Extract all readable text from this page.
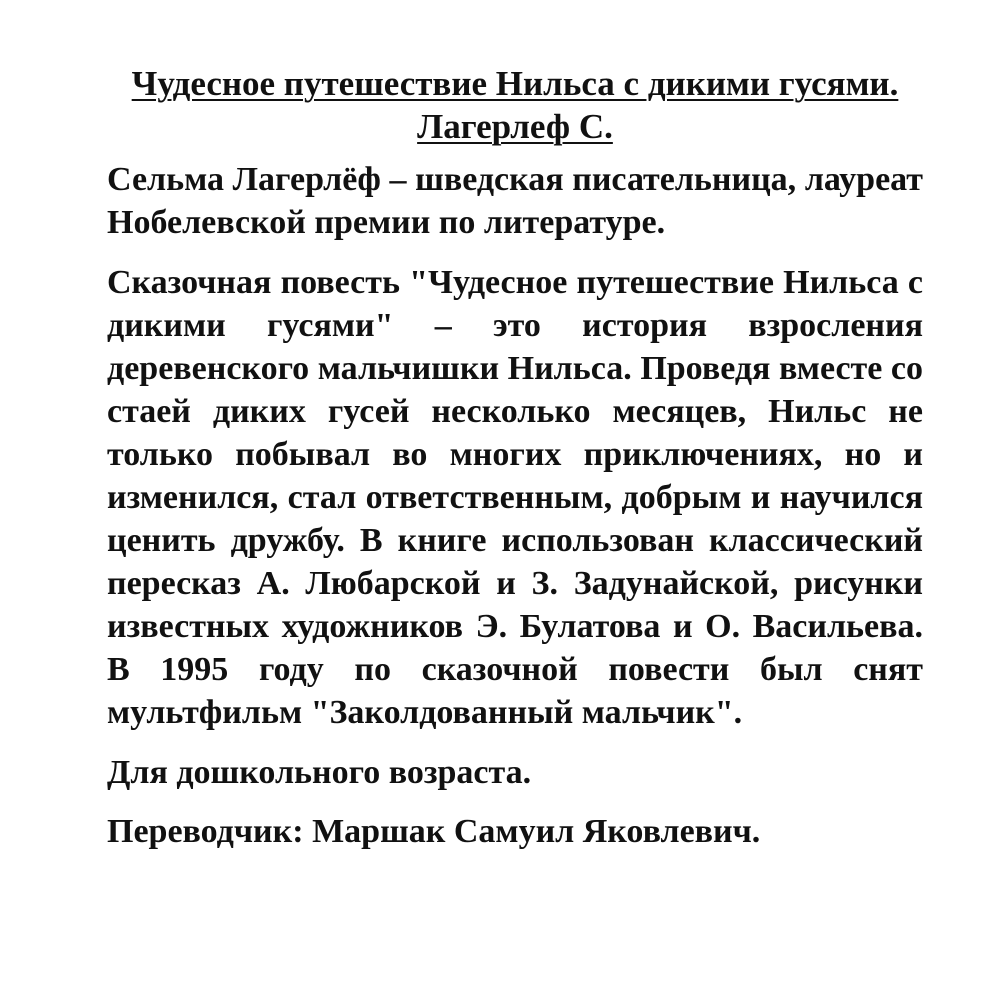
Чудесное путешествие Нильса с дикими гусями. Лагерлеф С.

Сельма Лагерлёф – шведская писательница, лауреат Нобелевской премии по литературе.

Сказочная повесть "Чудесное путешествие Нильса с дикими гусями" – это история взросления деревенского мальчишки Нильса. Проведя вместе со стаей диких гусей несколько месяцев, Нильс не только побывал во многих приключениях, но и изменился, стал ответственным, добрым и научился ценить дружбу. В книге использован классический пересказ А. Любарской и З. Задунайской, рисунки известных художников Э. Булатова и О. Васильева. В 1995 году по сказочной повести был снят мультфильм "Заколдованный мальчик".

Для дошкольного возраста.

Переводчик: Маршак Самуил Яковлевич.
